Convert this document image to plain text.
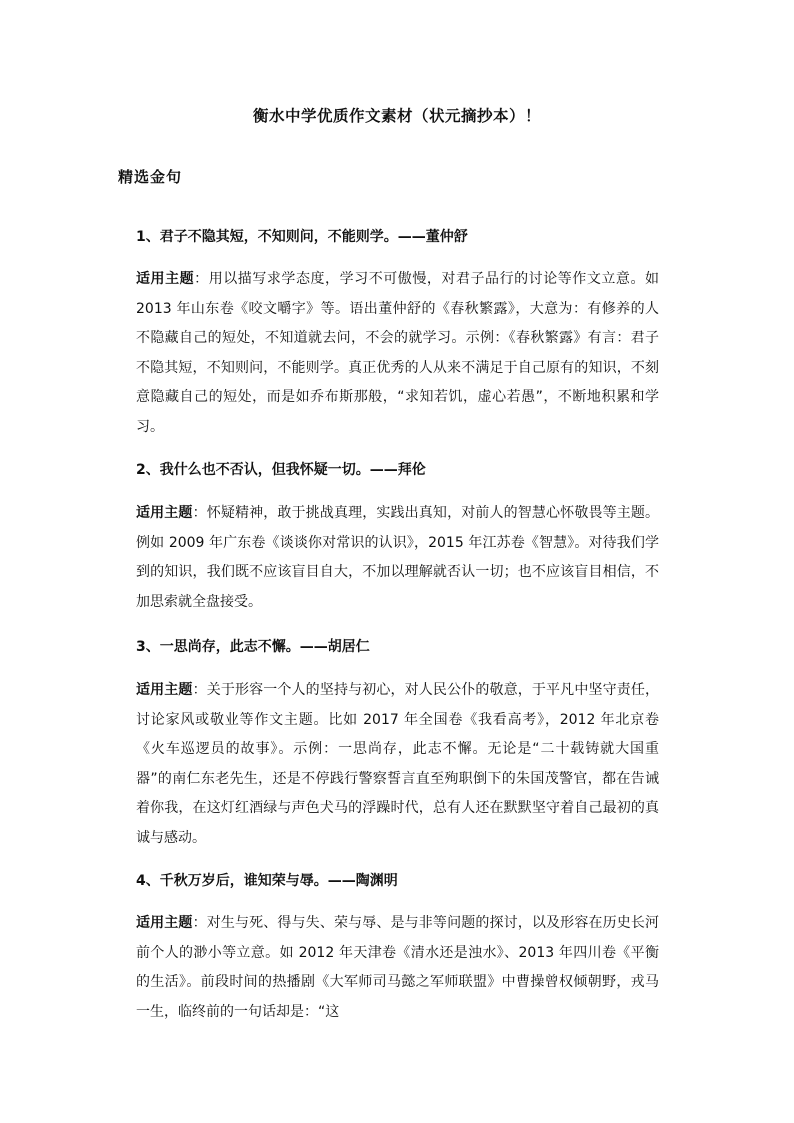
衡水中学优质作文素材（状元摘抄本）！
精选金句
1、君子不隐其短，不知则问，不能则学。——董仲舒
适用主题：用以描写求学态度，学习不可傲慢，对君子品行的讨论等作文立意。如 2013 年山东卷《咬文嚼字》等。语出董仲舒的《春秋繁露》，大意为：有修养的人不隐藏自己的短处，不知道就去问，不会的就学习。示例：《春秋繁露》有言：君子不隐其短，不知则问，不能则学。真正优秀的人从来不满足于自己原有的知识，不刻意隐藏自己的短处，而是如乔布斯那般，“求知若饥，虚心若愚”，不断地积累和学习。
2、我什么也不否认，但我怀疑一切。——拜伦
适用主题：怀疑精神，敢于挑战真理，实践出真知，对前人的智慧心怀敬畏等主题。例如 2009 年广东卷《谈谈你对常识的认识》，2015 年江苏卷《智慧》。对待我们学到的知识，我们既不应该盲目自大，不加以理解就否认一切；也不应该盲目相信，不加思索就全盘接受。
3、一思尚存，此志不懈。——胡居仁
适用主题：关于形容一个人的坚持与初心，对人民公仆的敬意，于平凡中坚守责任，讨论家风或敬业等作文主题。比如 2017 年全国卷《我看高考》，2012 年北京卷《火车巡逻员的故事》。示例：一思尚存，此志不懈。无论是“二十载铸就大国重器”的南仁东老先生，还是不停践行警察誓言直至殉职倒下的朱国茂警官，都在告诫着你我，在这灯红酒绿与声色犬马的浮躁时代，总有人还在默默坚守着自己最初的真诚与感动。
4、千秋万岁后，谁知荣与辱。——陶渊明
适用主题：对生与死、得与失、荣与辱、是与非等问题的探讨，以及形容在历史长河前个人的渺小等立意。如 2012 年天津卷《清水还是浊水》、2013 年四川卷《平衡的生活》。前段时间的热播剧《大军师司马懿之军师联盟》中曹操曾权倾朝野，戎马一生，临终前的一句话却是：“这
